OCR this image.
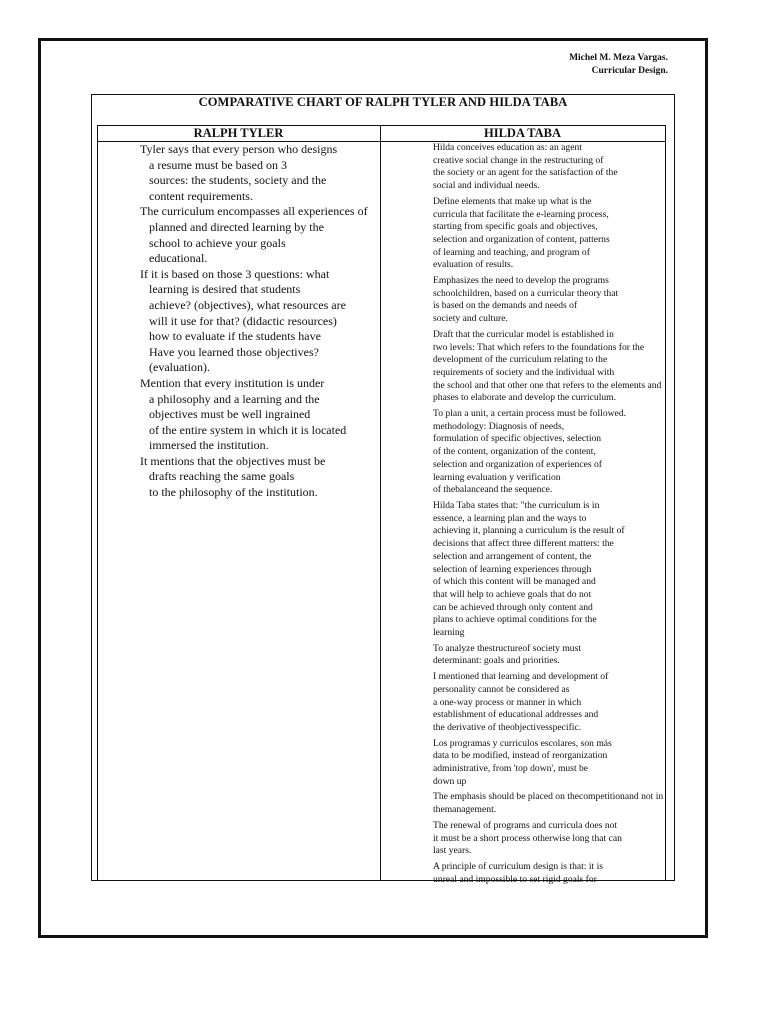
Michel M. Meza Vargas.
Curricular Design.
COMPARATIVE CHART OF RALPH TYLER AND HILDA TABA
RALPH TYLER	HILDA TABA
Tyler says that every person who designs
a resume must be based on 3
sources: the students, society and the
content requirements.
The curriculum encompasses all experiences of
planned and directed learning by the
school to achieve your goals
educational.
If it is based on those 3 questions: what
learning is desired that students
achieve? (objectives), what resources are
will it use for that? (didactic resources)
how to evaluate if the students have
Have you learned those objectives?
(evaluation).
Mention that every institution is under
a philosophy and a learning and the
objectives must be well ingrained
of the entire system in which it is located
immersed the institution.
It mentions that the objectives must be
drafts reaching the same goals
to the philosophy of the institution.
Hilda conceives education as: an agent
creative social change in the restructuring of
the society or an agent for the satisfaction of the
social and individual needs.
Define elements that make up what is the
curricula that facilitate the e-learning process,
starting from specific goals and objectives,
selection and organization of content, patterns
of learning and teaching, and program of
evaluation of results.
Emphasizes the need to develop the programs
schoolchildren, based on a curricular theory that
is based on the demands and needs of
society and culture.
Draft that the curricular model is established in
two levels: That which refers to the foundations for the
development of the curriculum relating to the
requirements of society and the individual with
the school and that other one that refers to the elements and
phases to elaborate and develop the curriculum.
To plan a unit, a certain process must be followed.
methodology: Diagnosis of needs,
formulation of specific objectives, selection
of the content, organization of the content,
selection and organization of experiences of
learning evaluation y verification
of thebalanceand the sequence.
Hilda Taba states that: "the curriculum is in
essence, a learning plan and the ways to
achieving it, planning a curriculum is the result of
decisions that affect three different matters: the
selection and arrangement of content, the
selection of learning experiences through
of which this content will be managed and
that will help to achieve goals that do not
can be achieved through only content and
plans to achieve optimal conditions for the
learning
To analyze thestructureof society must
determinant: goals and priorities.
I mentioned that learning and development of
personality cannot be considered as
a one-way process or manner in which
establishment of educational addresses and
the derivative of theobjectivesspecific.
Los programas y curriculos escolares, son más
data to be modified, instead of reorganization
administrative, from 'top down', must be
down up
The emphasis should be placed on thecompetitionand not in
themanagement.
The renewal of programs and curricula does not
it must be a short process otherwise long that can
last years.
A principle of curriculum design is that: it is
unreal and impossible to set rigid goals for
